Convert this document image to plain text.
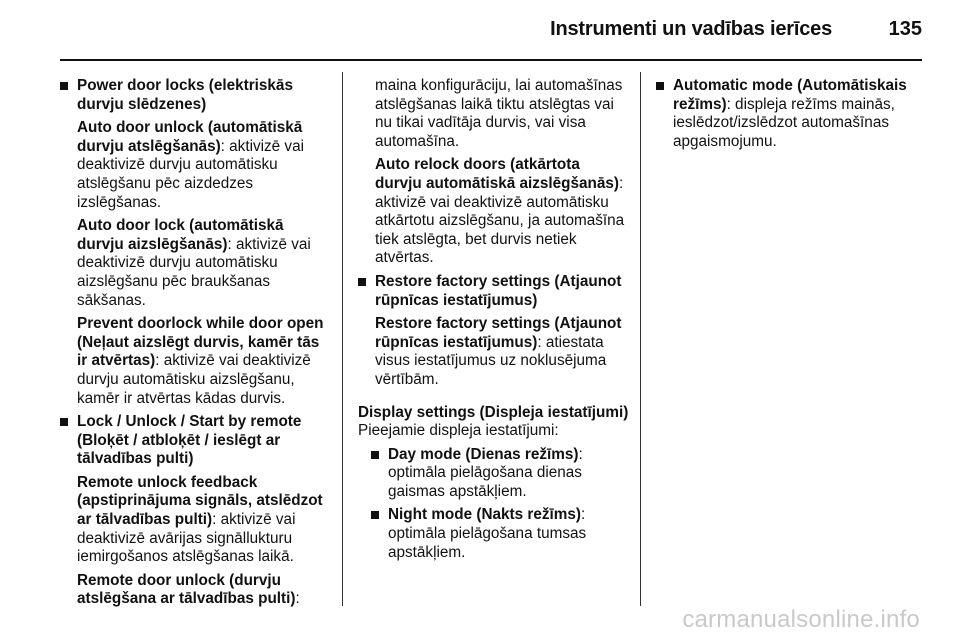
Instrumenti un vadības ierīces	135
Power door locks (elektriskās durvju slēdzenes)
Auto door unlock (automātiskā durvju atslēgšanās): aktivizē vai deaktivizē durvju automātisku atslēgšanu pēc aizdedzes izslēgšanas.
Auto door lock (automātiskā durvju aizslēgšanās): aktivizē vai deaktivizē durvju automātisku aizslēgšanu pēc braukšanas sākšanas.
Prevent doorlock while door open (Neļaut aizslēgt durvis, kamēr tās ir atvērtas): aktivizē vai deaktivizē durvju automātisku aizslēgšanu, kamēr ir atvērtas kādas durvis.
Lock / Unlock / Start by remote (Bloķēt / atbloķēt / ieslēgt ar tālvadības pulti)
Remote unlock feedback (apstiprinājuma signāls, atslēdzot ar tālvadības pulti): aktivizē vai deaktivizē avārijas signāllukturu iemirgošanos atslēgšanas laikā.
Remote door unlock (durvju atslēgšana ar tālvadības pulti):
maina konfigurāciju, lai automašīnas atslēgšanas laikā tiktu atslēgtas vai nu tikai vadītāja durvis, vai visa automašīna.
Auto relock doors (atkārtota durvju automātiskā aizslēgšanās): aktivizē vai deaktivizē automātisku atkārtotu aizslēgšanu, ja automašīna tiek atslēgta, bet durvis netiek atvērtas.
Restore factory settings (Atjaunot rūpnīcas iestatījumus)
Restore factory settings (Atjaunot rūpnīcas iestatījumus): atiestata visus iestatījumus uz noklusējuma vērtībām.
Display settings (Displeja iestatījumi)
Pieejamie displeja iestatījumi:
Day mode (Dienas režīms): optimāla pielāgošana dienas gaismas apstākļiem.
Night mode (Nakts režīms): optimāla pielāgošana tumsas apstākļiem.
Automatic mode (Automātiskais režīms): displeja režīms mainās, ieslēdzot/izslēdzot automašīnas apgaismojumu.
carmanualsonline.info
